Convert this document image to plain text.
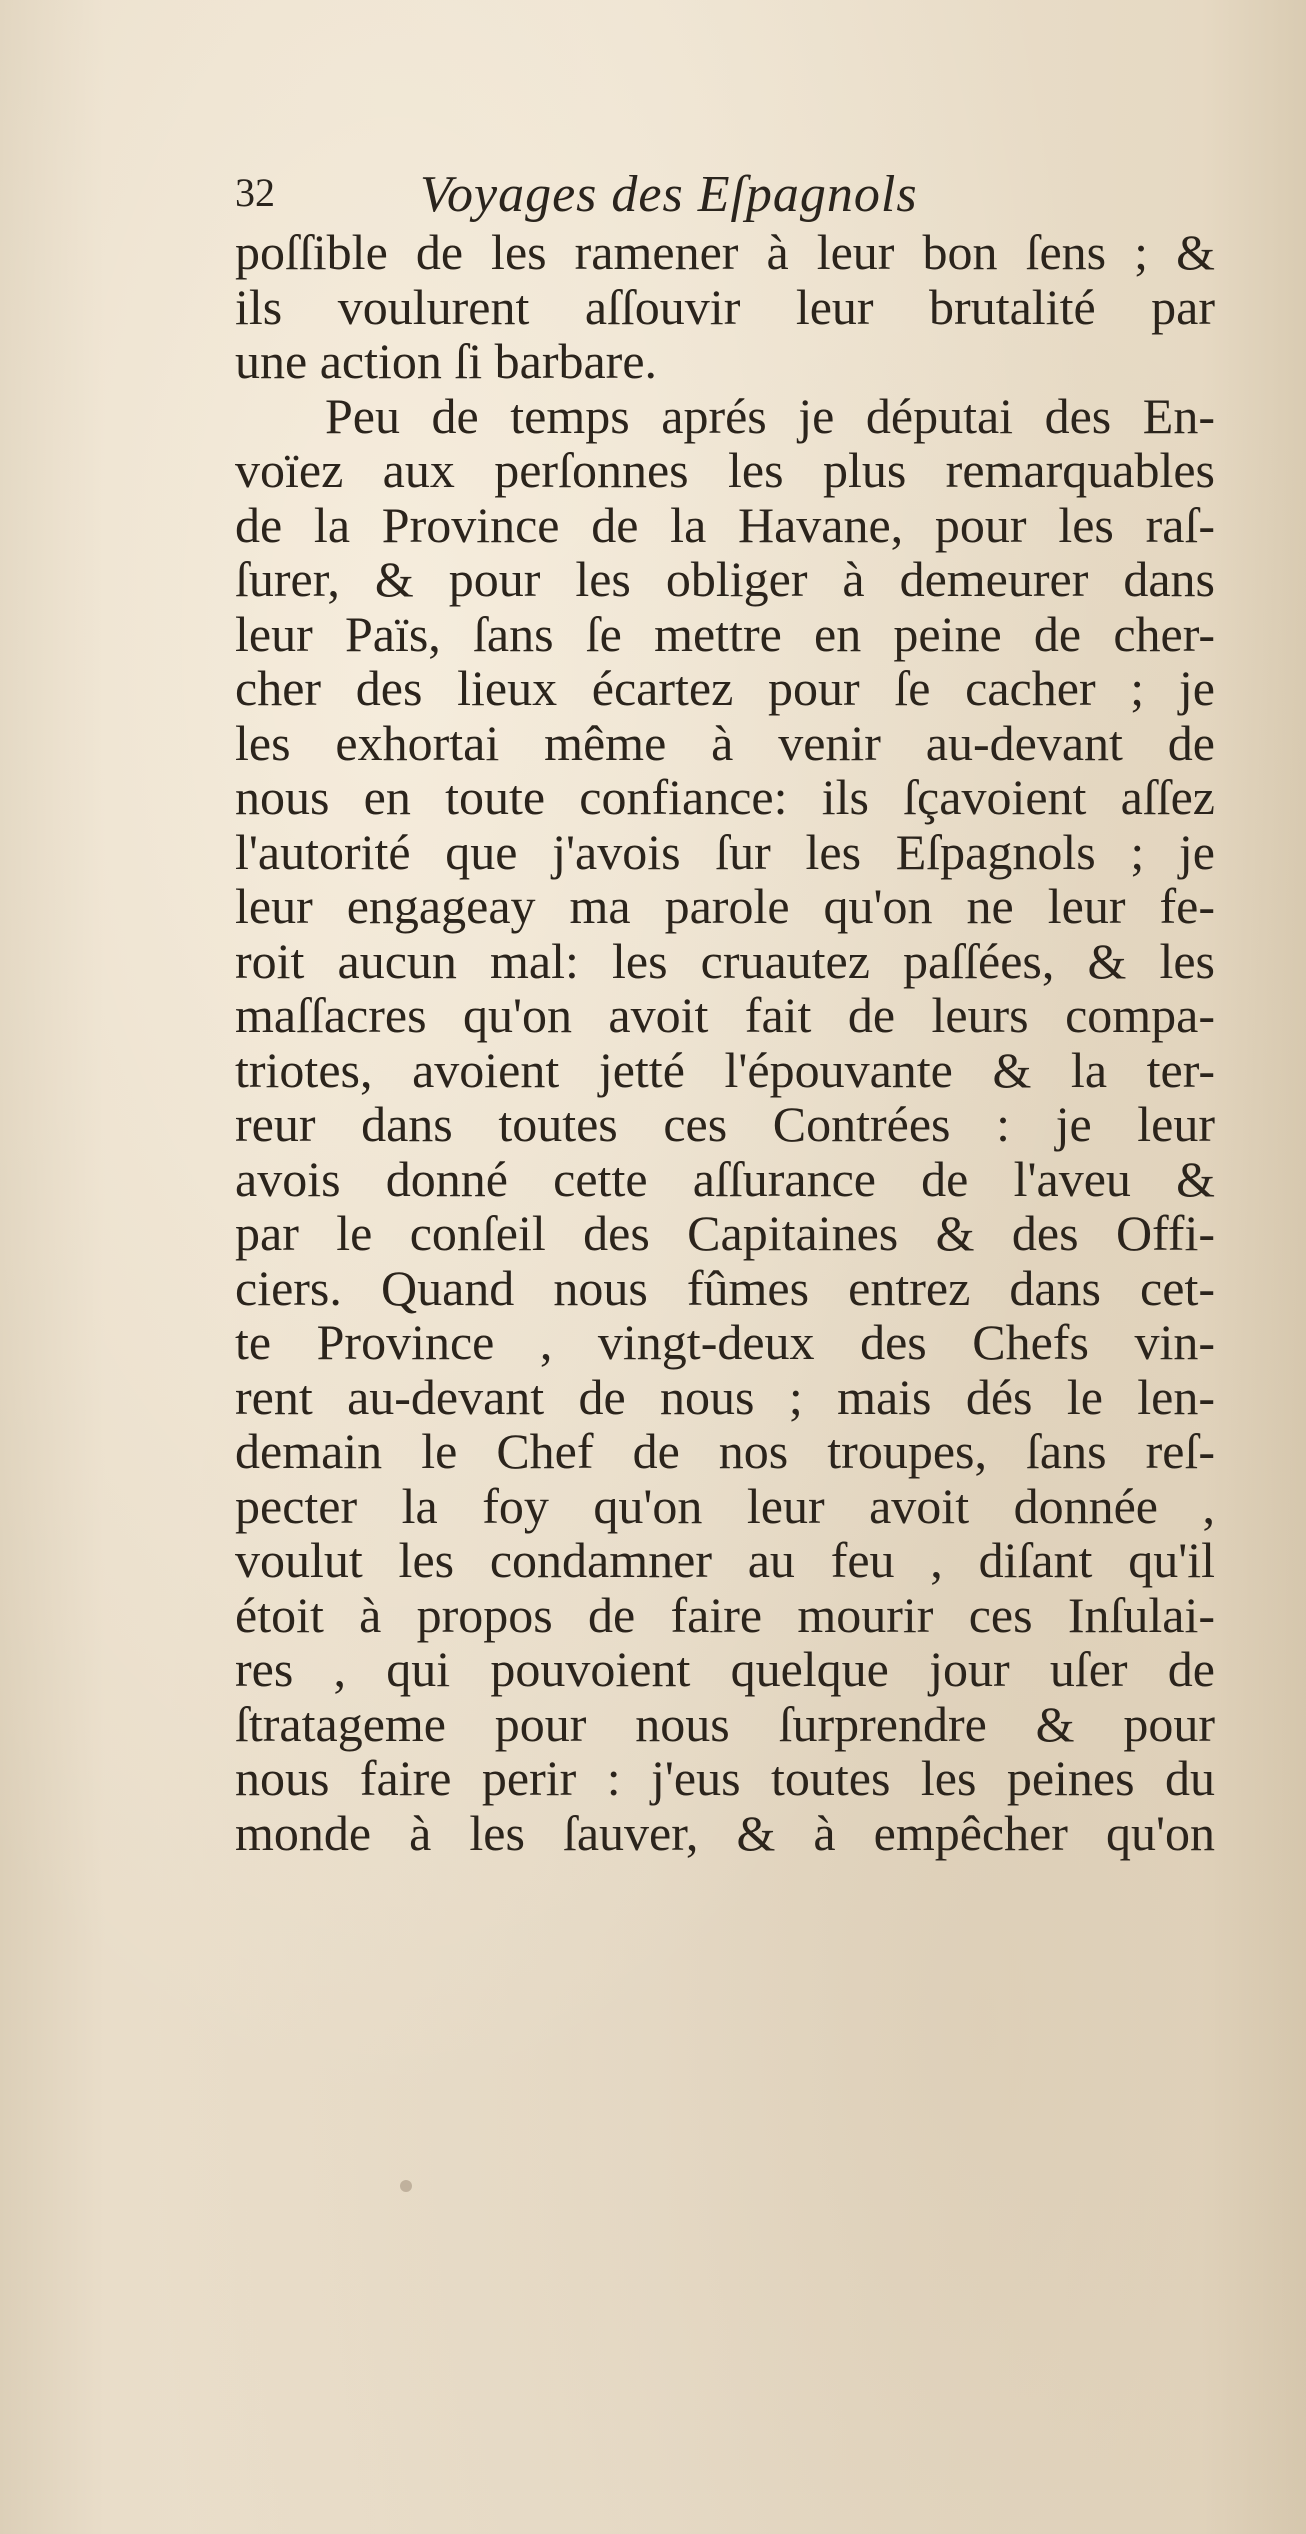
32	Voyages des Eſpagnols
poſſible de les ramener à leur bon ſens ; &
ils voulurent aſſouvir leur brutalité par
une action ſi barbare.
Peu de temps aprés je députai des En-
voïez aux perſonnes les plus remarquables
de la Province de la Havane, pour les raſ-
ſurer, & pour les obliger à demeurer dans
leur Païs, ſans ſe mettre en peine de cher-
cher des lieux écartez pour ſe cacher ; je
les exhortai même à venir au-devant de
nous en toute confiance: ils ſçavoient aſſez
l'autorité que j'avois ſur les Eſpagnols ; je
leur engageay ma parole qu'on ne leur fe-
roit aucun mal: les cruautez paſſées, & les
maſſacres qu'on avoit fait de leurs compa-
triotes, avoient jetté l'épouvante & la ter-
reur dans toutes ces Contrées : je leur
avois donné cette aſſurance de l'aveu &
par le conſeil des Capitaines & des Offi-
ciers. Quand nous fûmes entrez dans cet-
te Province , vingt-deux des Chefs vin-
rent au-devant de nous ; mais dés le len-
demain le Chef de nos troupes, ſans reſ-
pecter la foy qu'on leur avoit donnée ,
voulut les condamner au feu , diſant qu'il
étoit à propos de faire mourir ces Inſulai-
res , qui pouvoient quelque jour uſer de
ſtratageme pour nous ſurprendre & pour
nous faire perir : j'eus toutes les peines du
monde à les ſauver, & à empêcher qu'on
